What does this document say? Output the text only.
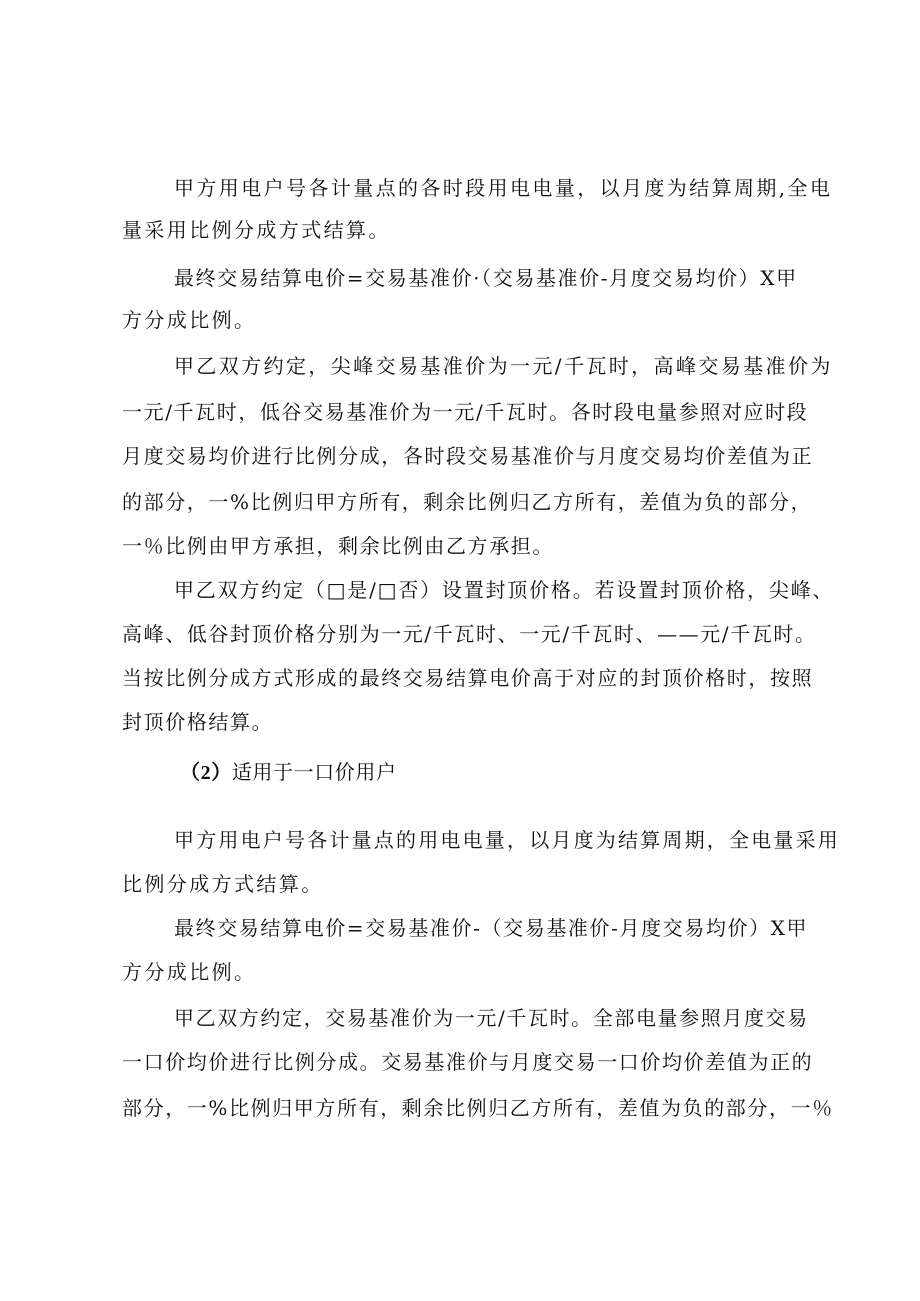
甲方用电户号各计量点的各时段用电电量，以月度为结算周期,全电

量采用比例分成方式结算。

最终交易结算电价=交易基准价·（交易基准价-月度交易均价）X甲

方分成比例。

甲乙双方约定，尖峰交易基准价为一元/千瓦时，高峰交易基准价为

一元/千瓦时，低谷交易基准价为一元/千瓦时。各时段电量参照对应时段

月度交易均价进行比例分成，各时段交易基准价与月度交易均价差值为正

的部分，一%比例归甲方所有，剩余比例归乙方所有，差值为负的部分，

一％比例由甲方承担，剩余比例由乙方承担。

甲乙双方约定（□是/□否）设置封顶价格。若设置封顶价格，尖峰、

高峰、低谷封顶价格分别为一元/千瓦时、一元/千瓦时、——元/千瓦时。

当按比例分成方式形成的最终交易结算电价高于对应的封顶价格时，按照

封顶价格结算。

（2）适用于一口价用户

甲方用电户号各计量点的用电电量，以月度为结算周期，全电量采用

比例分成方式结算。

最终交易结算电价=交易基准价-（交易基准价-月度交易均价）X甲

方分成比例。

甲乙双方约定，交易基准价为一元/千瓦时。全部电量参照月度交易

一口价均价进行比例分成。交易基准价与月度交易一口价均价差值为正的

部分，一%比例归甲方所有，剩余比例归乙方所有，差值为负的部分，一％
